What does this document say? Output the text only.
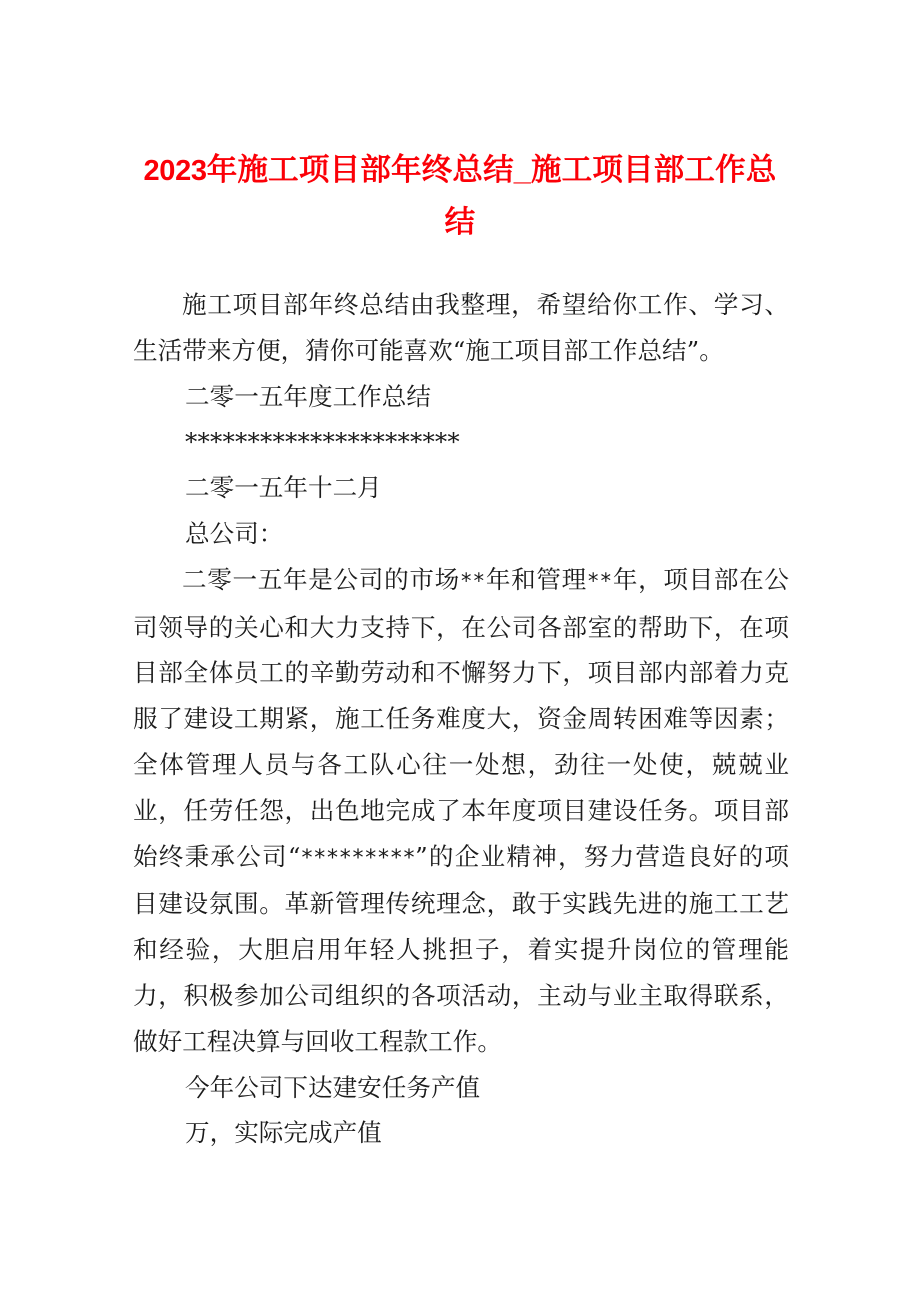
2023年施工项目部年终总结_施工项目部工作总结

施工项目部年终总结由我整理，希望给你工作、学习、生活带来方便，猜你可能喜欢“施工项目部工作总结”。

二零一五年度工作总结

**********************

二零一五年十二月

总公司：

二零一五年是公司的市场**年和管理**年，项目部在公司领导的关心和大力支持下，在公司各部室的帮助下，在项目部全体员工的辛勤劳动和不懈努力下，项目部内部着力克服了建设工期紧，施工任务难度大，资金周转困难等因素；全体管理人员与各工队心往一处想，劲往一处使，兢兢业业，任劳任怨，出色地完成了本年度项目建设任务。项目部始终秉承公司“*********”的企业精神，努力营造良好的项目建设氛围。革新管理传统理念，敢于实践先进的施工工艺和经验，大胆启用年轻人挑担子，着实提升岗位的管理能力，积极参加公司组织的各项活动，主动与业主取得联系，做好工程决算与回收工程款工作。

今年公司下达建安任务产值

万，实际完成产值
